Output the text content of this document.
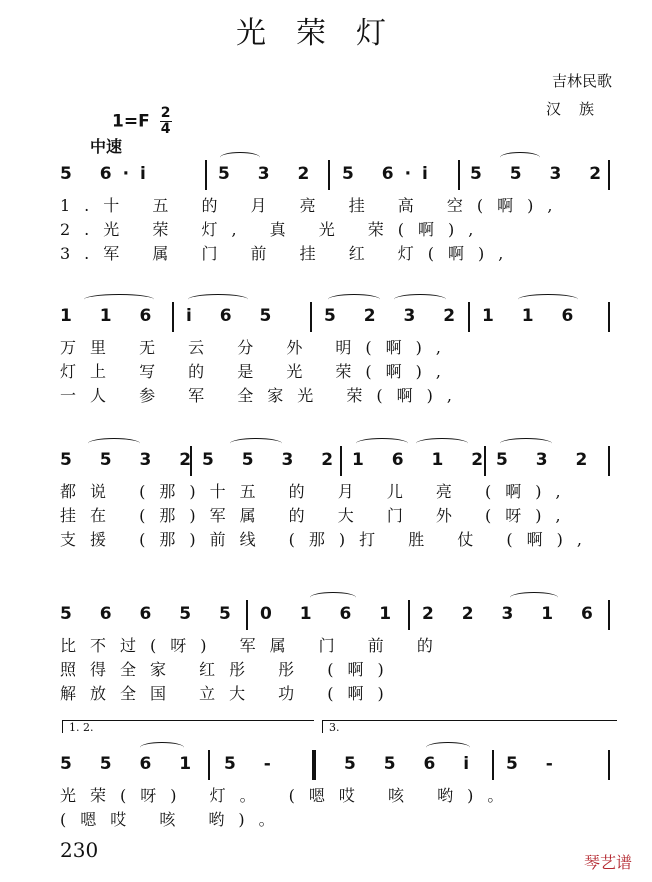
光荣灯
吉林民歌
汉族
$1=F \frac{2}{4}$
中速
5 6·i	5 3 2 5 6·i 5 5 3 2
1.十 五 的 月 亮 挂 高 空(啊),
2.光 荣 灯, 真 光 荣(啊),
3.军 属 门 前 挂 红 灯(啊),
1 1 6 i 6 5 5 2 3 2 1 1 6
万里 无 云 分 外 明(啊),
灯上 写 的 是 光 荣(啊),
一人 参 军 全家光 荣(啊),
5 5 3 2 5 5 3 2 1 6 1 2 5 3 2
都说 (那)十五 的 月 儿 亮 (啊),
挂在 (那)军属 的 大 门 外 (呀),
支援 (那)前线 (那)打 胜 仗 (啊),
5 6 6 5 5 0 1 6 1 2 2 3 1 6
比不过(呀) 军属 门 前 的
照得全家 红彤 彤 (啊)
解放全国 立大 功 (啊)
1. 2.	3.
5 5 6 1 5 -	5 5 6 i 5 -
光荣(呀) 灯。 (嗯哎 咳 哟)。
(嗯哎 咳 哟)。
230
琴艺谱
